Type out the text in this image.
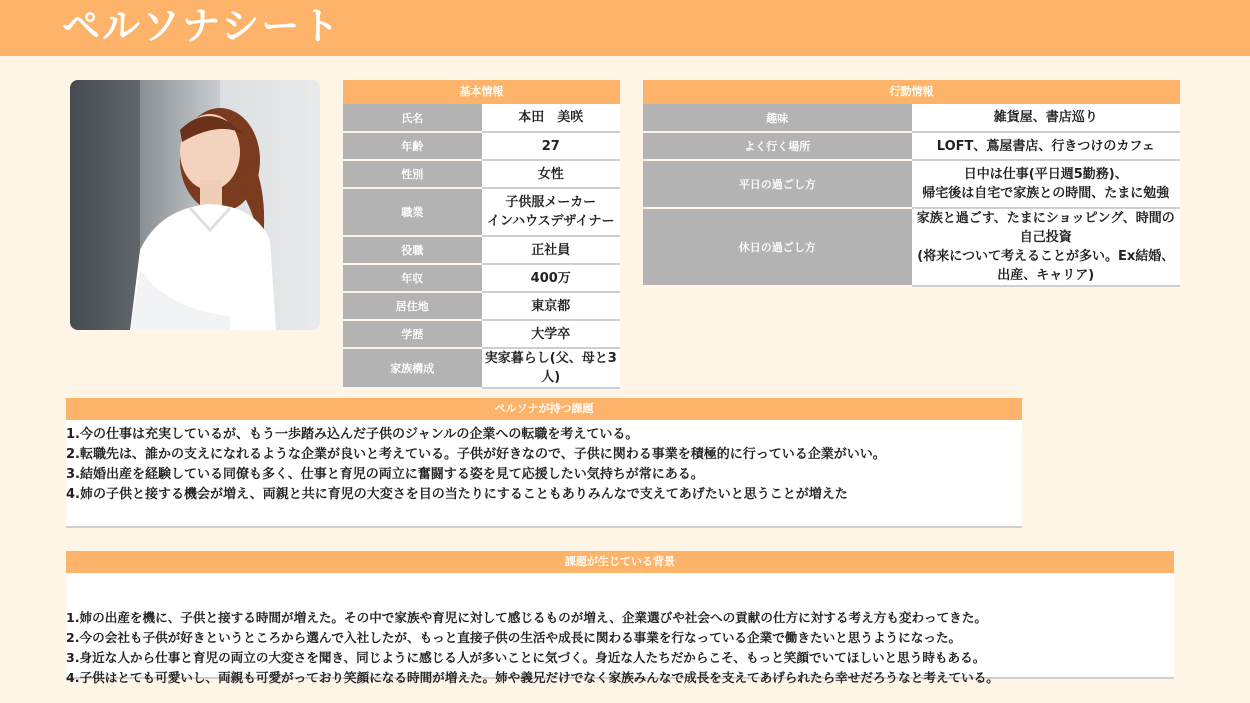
ペルソナシート
基本情報	
氏名	本田　美咲
年齢	27
性別	女性
職業	子供服メーカー
インハウスデザイナー
役職	正社員
年収	400万
居住地	東京都
学歴	大学卒
家族構成	実家暮らし(父、母と3人)
行動情報	
趣味	雑貨屋、書店巡り
よく行く場所	LOFT、蔦屋書店、行きつけのカフェ
平日の過ごし方	日中は仕事(平日週5勤務)、
帰宅後は自宅で家族との時間、たまに勉強
休日の過ごし方	家族と過ごす、たまにショッピング、時間の自己投資
(将来について考えることが多い。Ex結婚、出産、キャリア)
ペルソナが持つ課題
1.今の仕事は充実しているが、もう一歩踏み込んだ子供のジャンルの企業への転職を考えている。
2.転職先は、誰かの支えになれるような企業が良いと考えている。子供が好きなので、子供に関わる事業を積極的に行っている企業がいい。
3.結婚出産を経験している同僚も多く、仕事と育児の両立に奮闘する姿を見て応援したい気持ちが常にある。
4.姉の子供と接する機会が増え、両親と共に育児の大変さを目の当たりにすることもありみんなで支えてあげたいと思うことが増えた
課題が生じている背景
1.姉の出産を機に、子供と接する時間が増えた。その中で家族や育児に対して感じるものが増え、企業選びや社会への貢献の仕方に対する考え方も変わってきた。
2.今の会社も子供が好きというところから選んで入社したが、もっと直接子供の生活や成長に関わる事業を行なっている企業で働きたいと思うようになった。
3.身近な人から仕事と育児の両立の大変さを聞き、同じように感じる人が多いことに気づく。身近な人たちだからこそ、もっと笑顔でいてほしいと思う時もある。
4.子供はとても可愛いし、両親も可愛がっており笑顔になる時間が増えた。姉や義兄だけでなく家族みんなで成長を支えてあげられたら幸せだろうなと考えている。
